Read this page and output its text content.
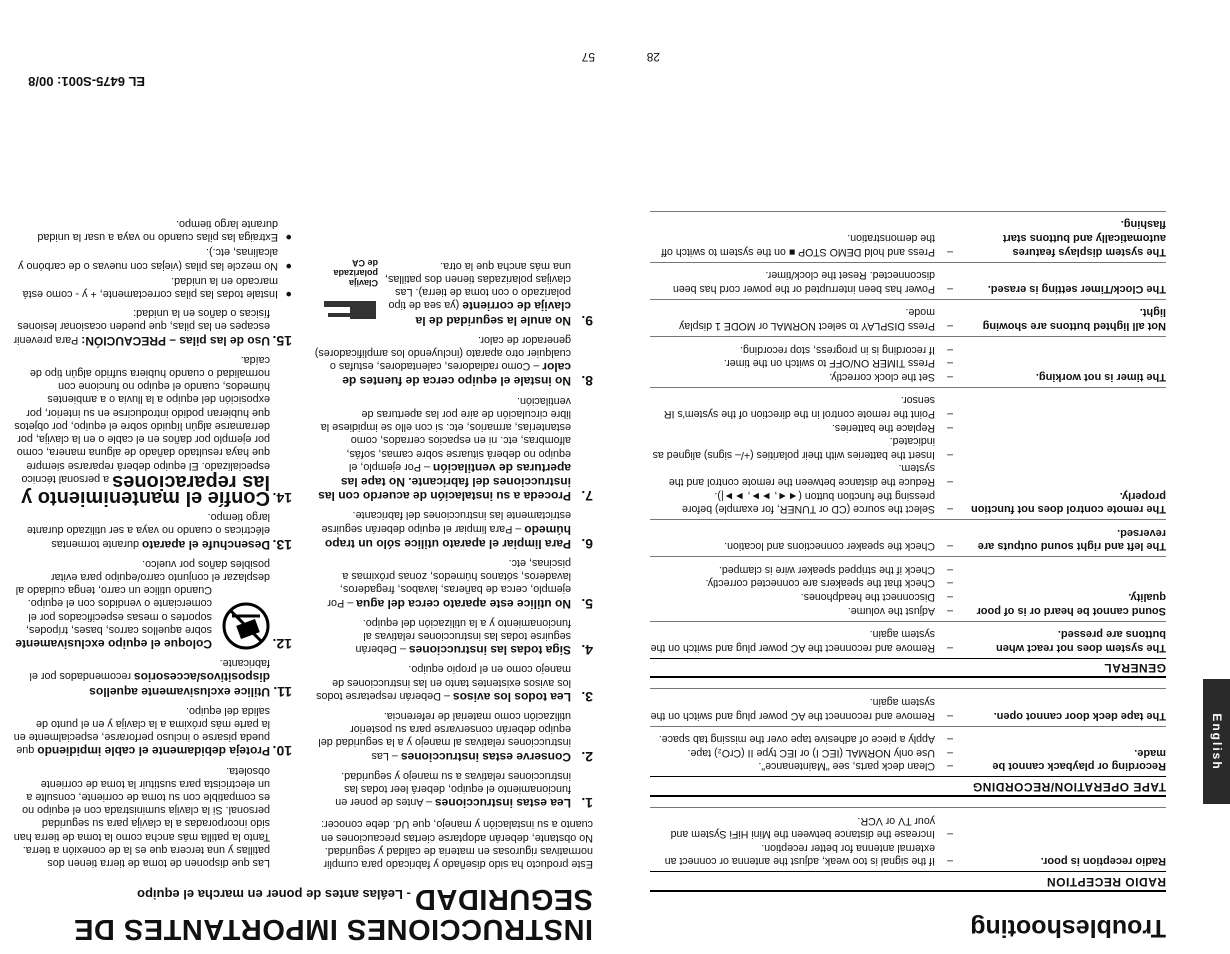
Troubleshooting
English
RADIO RECEPTION
Radio reception is poor.
–
If the signal is too weak, adjust the antenna or connect an external antenna for better reception.
–
Increase the distance between the Mini HiFi System and your TV or VCR.
TAPE OPERATION/RECORDING
Recording or playback cannot be made.
–
Clean deck parts, see "Maintenance".
–
Use only NORMAL (IEC I) or IEC type II (CrO₂) tape.
–
Apply a piece of adhesive tape over the missing tab space.
The tape deck door cannot open.
–
Remove and reconnect the AC power plug and switch on the system again.
GENERAL
The system does not react when buttons are pressed.
–
Remove and reconnect the AC power plug and switch on the system again.
Sound cannot be heard or is of poor quality.
–
Adjust the volume.
–
Disconnect the headphones.
–
Check that the speakers are connected correctly.
–
Check if the stripped speaker wire is clamped.
The left and right sound outputs are reversed.
–
Check the speaker connections and location.
The remote control does not function properly.
–
Select the source (CD or TUNER, for example) before pressing the function button (◄◄, ►►, ►►|).
–
Reduce the distance between the remote control and the system.
–
Insert the batteries with their polarities (+/– signs) aligned as indicated.
–
Replace the batteries.
–
Point the remote control in the direction of the system's IR sensor.
The timer is not working.
–
Set the clock correctly.
–
Press TIMER ON/OFF to switch on the timer.
–
If recording is in progress, stop recording.
Not all lighted buttons are showing light.
–
Press DISPLAY to select NORMAL or MODE 1 display mode.
The Clock/Timer setting is erased.
–
Power has been interrupted or the power cord has been disconnected. Reset the clock/timer.
The system displays features automatically and buttons start flashing.
–
Press and hold DEMO STOP ■ on the system to switch off the demonstration.
28
INSTRUCCIONES IMPORTANTES DE SEGURIDAD - Leálas antes de poner en marcha el equipo

Este producto ha sido diseñado y fabricado para cumplir normativas rigurosas en materia de calidad y seguridad. No obstante, deberán adoptarse ciertas precauciones en cuanto a su instalación y manejo, que Ud. debe conocer:

1.
Lea estas instrucciones – Antes de poner en funcionamiento el equipo, deberá leer todas las instrucciones relativas a su manejo y seguridad.
2.
Conserve estas instrucciones – Las instrucciones relativas al manejo y a la seguridad del equipo deberán conservarse para su posterior utilización como material de referencia.
3.
Lea todos los avisos – Deberán respetarse todos los avisos existentes tanto en las instrucciones de manejo como en el propio equipo.
4.
Siga todas las instrucciones – Deberán seguirse todas las instrucciones relativas al funcionamiento y a la utilización del equipo.
5.
No utilice este aparato cerca del agua – Por ejemplo, cerca de bañeras, lavabos, fregaderos, lavaderos, sótanos húmedos, zonas próximas a piscinas, etc.
6.
Para limpiar el aparato utilice sólo un trapo húmedo – Para limpiar el equipo deberán seguirse estrictamente las instrucciones del fabricante.
7.
Proceda a su instalación de acuerdo con las instrucciones del fabricante. No tape las aperturas de ventilación – Por ejemplo, el equipo no deberá situarse sobre camas, sofás, alfombras, etc. ni en espacios cerrados, como estanterías, armarios, etc. si con ello se impidiese la libre circulación de aire por las aperturas de ventilación.
8.
No instale el equipo cerca de fuentes de calor – Como radiadores, calentadores, estufas o cualquier otro aparato (incluyendo los amplificadores) generador de calor.
9.
Clavija
polarizada
de CA
No anule la seguridad de la clavija de corriente (ya sea de tipo polarizado o con toma de tierra). Las clavijas polarizadas tienen dos patillas, una más ancha que la otra.
Las que disponen de toma de tierra tienen dos patillas y una tercera que es la de conexión a tierra. Tanto la patilla más ancha como la toma de tierra han sido incorporadas a la clavija para su seguridad personal. Si la clavija suministrada con el equipo no es compatible con su toma de corriente, consulte a un electricista para sustituir la toma de corriente obsoleta.
10.
Proteja debidamente el cable impidiendo que pueda pisarse o incluso perforarse, especialmente en la parte más próxima a la clavija y en el punto de salida del equipo.
11.
Utilice exclusivamente aquellos dispositivos/accesorios recomendados por el fabricante.
12.
Coloque el equipo exclusivamente sobre aquellos carros, bases, trípodes, soportes o mesas especificados por el comerciante o vendidos con el equipo. Cuando utilice un carro, tenga cuidado al desplazar el conjunto carro/equipo para evitar posibles daños por vuelco.
13.
Desenchufe el aparato durante tormentas eléctricas o cuando no vaya a ser utilizado durante largo tiempo.
14.
Confíe el mantenimiento y las reparaciones a personal técnico especializado. El equipo deberá repararse siempre que haya resultado dañado de alguna manera, como por ejemplo por daños en el cable o en la clavija, por derramarse algún líquido sobre el equipo, por objetos que hubieran podido introducirse en su interior, por exposición del equipo a la lluvia o a ambientes húmedos, cuando el equipo no funcione con normalidad o cuando hubiera sufrido algún tipo de caída.
15.
Uso de las pilas – PRECAUCIÓN: Para prevenir escapes en las pilas, que pueden ocasionar lesiones físicas o daños en la unidad:
●
Instale todas las pilas correctamente, + y - como está marcado en la unidad.
●
No mezcle las pilas (viejas con nuevas o de carbóno y alcalinas, etc.).
●
Extraiga las pilas cuando no vaya a usar la unidad durante largo tiempo.
EL 6475-S001: 00/8
57
